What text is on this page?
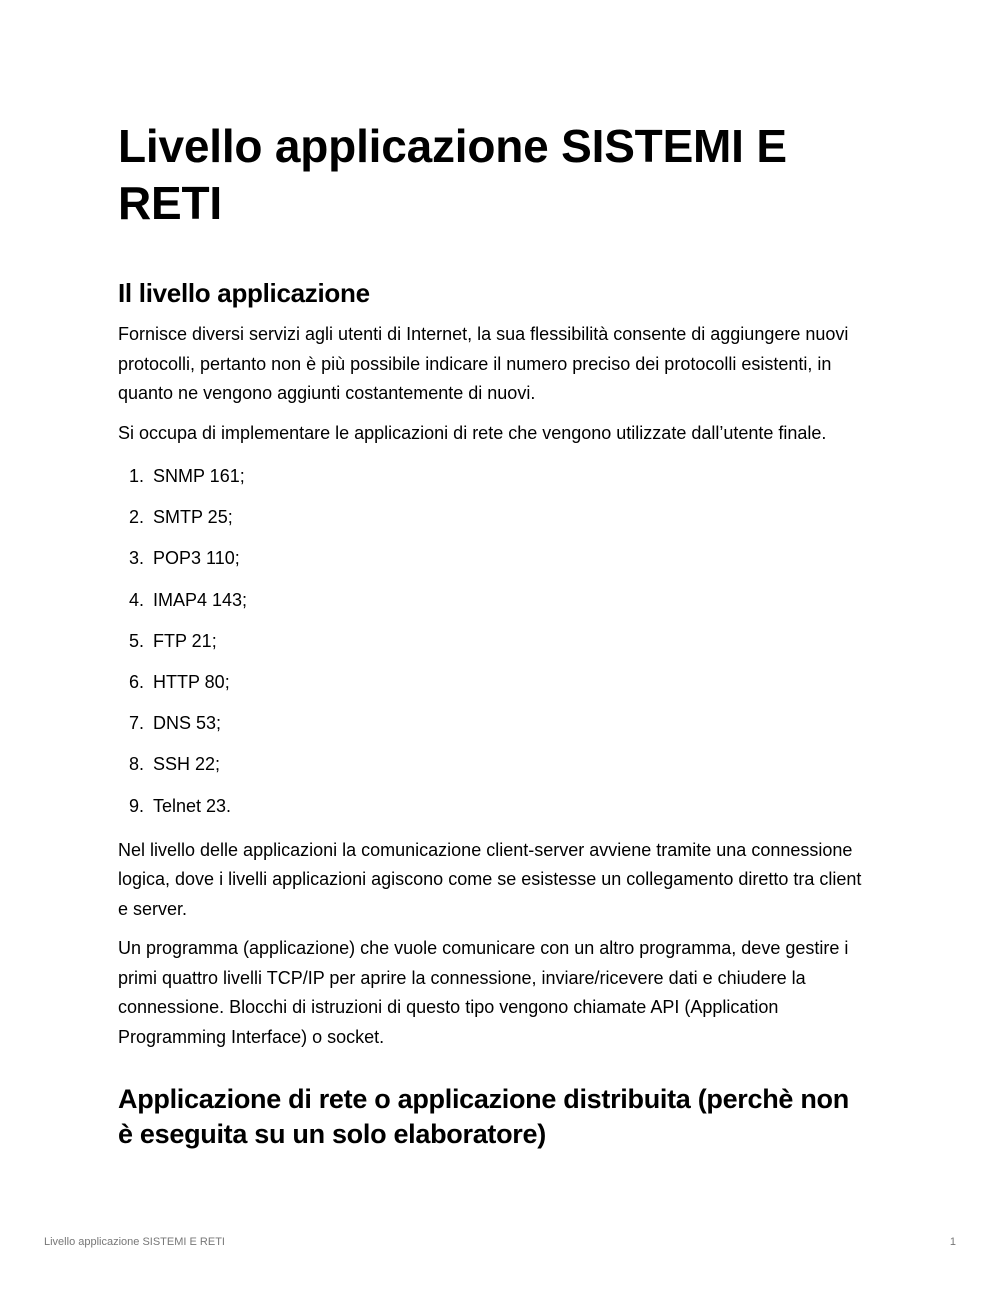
Livello applicazione SISTEMI E RETI
Il livello applicazione

Fornisce diversi servizi agli utenti di Internet, la sua flessibilità consente di aggiungere nuovi protocolli, pertanto non è più possibile indicare il numero preciso dei protocolli esistenti, in quanto ne vengono aggiunti costantemente di nuovi.

Si occupa di implementare le applicazioni di rete che vengono utilizzate dall’utente finale.

1. SNMP 161;
2. SMTP 25;
3. POP3 110;
4. IMAP4 143;
5. FTP 21;
6. HTTP 80;
7. DNS 53;
8. SSH 22;
9. Telnet 23.

Nel livello delle applicazioni la comunicazione client-server avviene tramite una connessione logica, dove i livelli applicazioni agiscono come se esistesse un collegamento diretto tra client e server.

Un programma (applicazione) che vuole comunicare con un altro programma, deve gestire i primi quattro livelli TCP/IP per aprire la connessione, inviare/ricevere dati e chiudere la connessione. Blocchi di istruzioni di questo tipo vengono chiamate API (Application Programming Interface) o socket.

Applicazione di rete o applicazione distribuita (perchè non è eseguita su un solo elaboratore)
Livello applicazione SISTEMI E RETI	1
